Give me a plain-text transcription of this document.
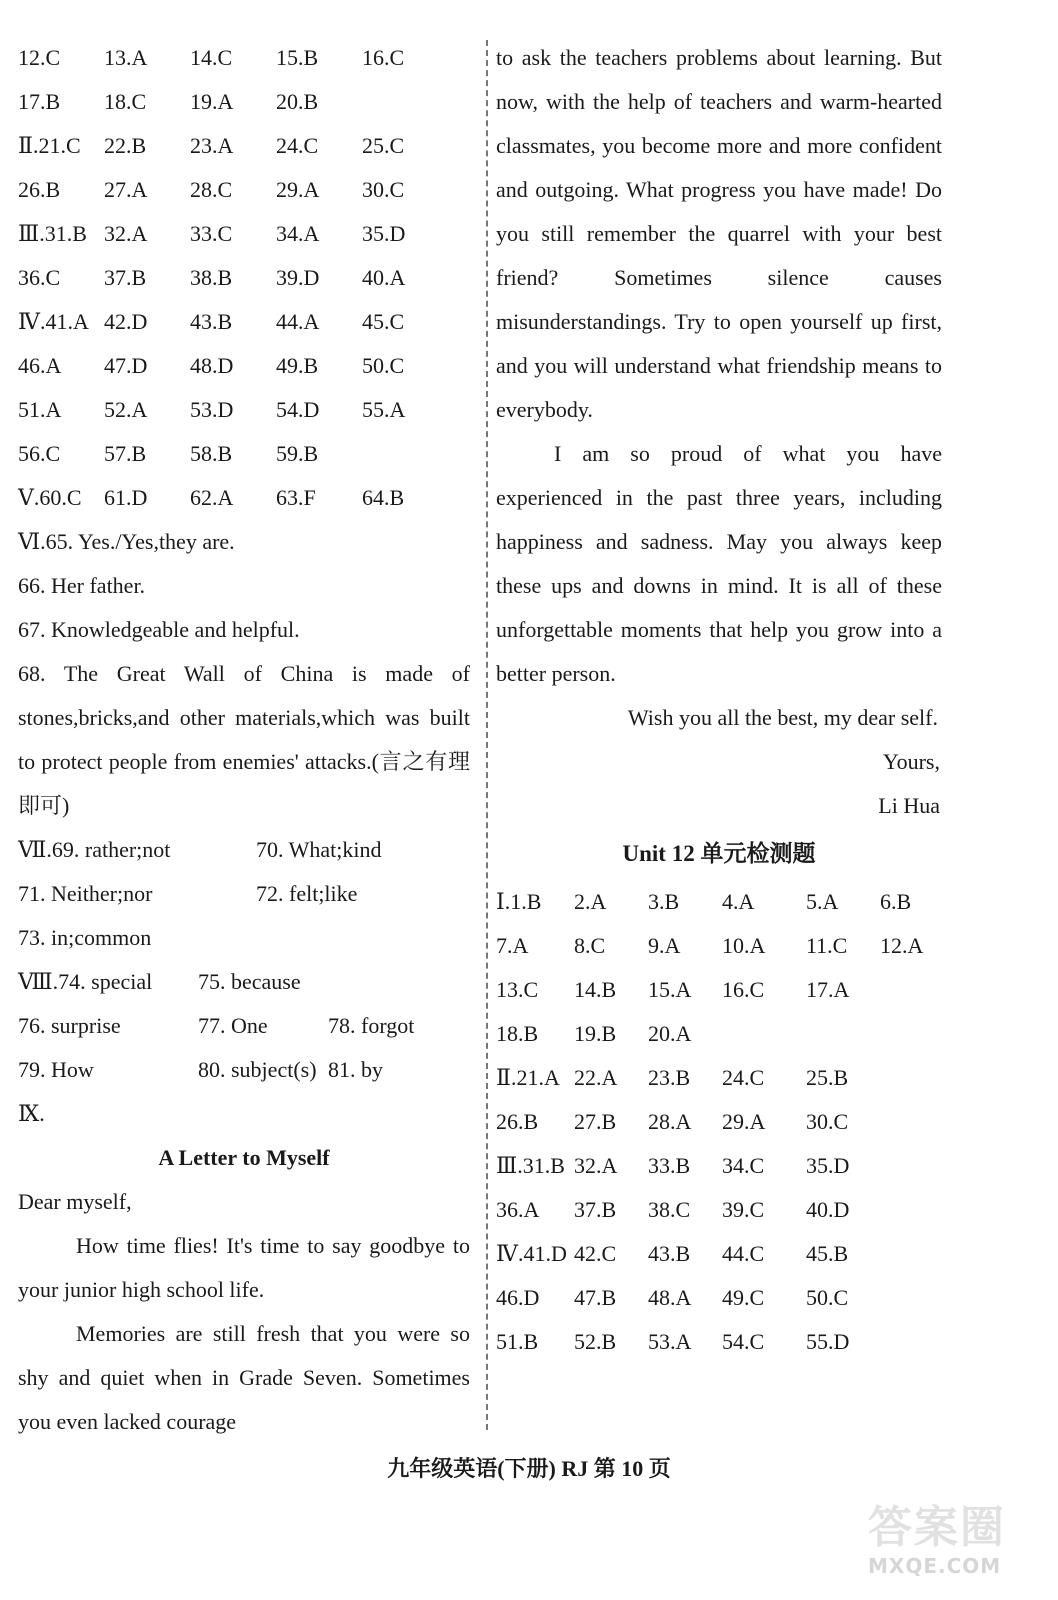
12.C 13.A 14.C 15.B 16.C
17.B 18.C 19.A 20.B
Ⅱ.21.C 22.B 23.A 24.C 25.C
26.B 27.A 28.C 29.A 30.C
Ⅲ.31.B 32.A 33.C 34.A 35.D
36.C 37.B 38.B 39.D 40.A
Ⅳ.41.A 42.D 43.B 44.A 45.C
46.A 47.D 48.D 49.B 50.C
51.A 52.A 53.D 54.D 55.A
56.C 57.B 58.B 59.B
Ⅴ.60.C 61.D 62.A 63.F 64.B
Ⅵ.65. Yes./Yes,they are.
66. Her father.
67. Knowledgeable and helpful.

68. The Great Wall of China is made of stones,bricks,and other materials,which was built to protect people from enemies' attacks.(言之有理即可)

Ⅶ.69. rather;not	70. What;kind
71. Neither;nor	72. felt;like
73. in;common
Ⅷ.74. special 75. because
76. surprise	77. One	78. forgot
79. How	80. subject(s) 81. by
Ⅸ.
A Letter to Myself
Dear myself,

How time flies! It's time to say goodbye to your junior high school life.

Memories are still fresh that you were so shy and quiet when in Grade Seven. Sometimes you even lacked courage

to ask the teachers problems about learning. But now, with the help of teachers and warm-hearted classmates, you become more and more confident and outgoing. What progress you have made! Do you still remember the quarrel with your best friend? Sometimes silence causes misunderstandings. Try to open yourself up first, and you will understand what friendship means to everybody.

I am so proud of what you have experienced in the past three years, including happiness and sadness. May you always keep these ups and downs in mind. It is all of these unforgettable moments that help you grow into a better person.

Wish you all the best, my dear self.
Yours,
Li Hua
Unit 12 单元检测题
Ⅰ.1.B 2.A 3.B 4.A 5.A 6.B
7.A 8.C 9.A 10.A 11.C 12.A
13.C 14.B 15.A 16.C 17.A
18.B 19.B 20.A
Ⅱ.21.A 22.A 23.B 24.C 25.B
26.B 27.B 28.A 29.A 30.C
Ⅲ.31.B 32.A 33.B 34.C 35.D
36.A 37.B 38.C 39.C 40.D
Ⅳ.41.D 42.C 43.B 44.C 45.B
46.D 47.B 48.A 49.C 50.C
51.B 52.B 53.A 54.C 55.D
九年级英语(下册) RJ 第 10 页
答案圈
MXQE.COM
